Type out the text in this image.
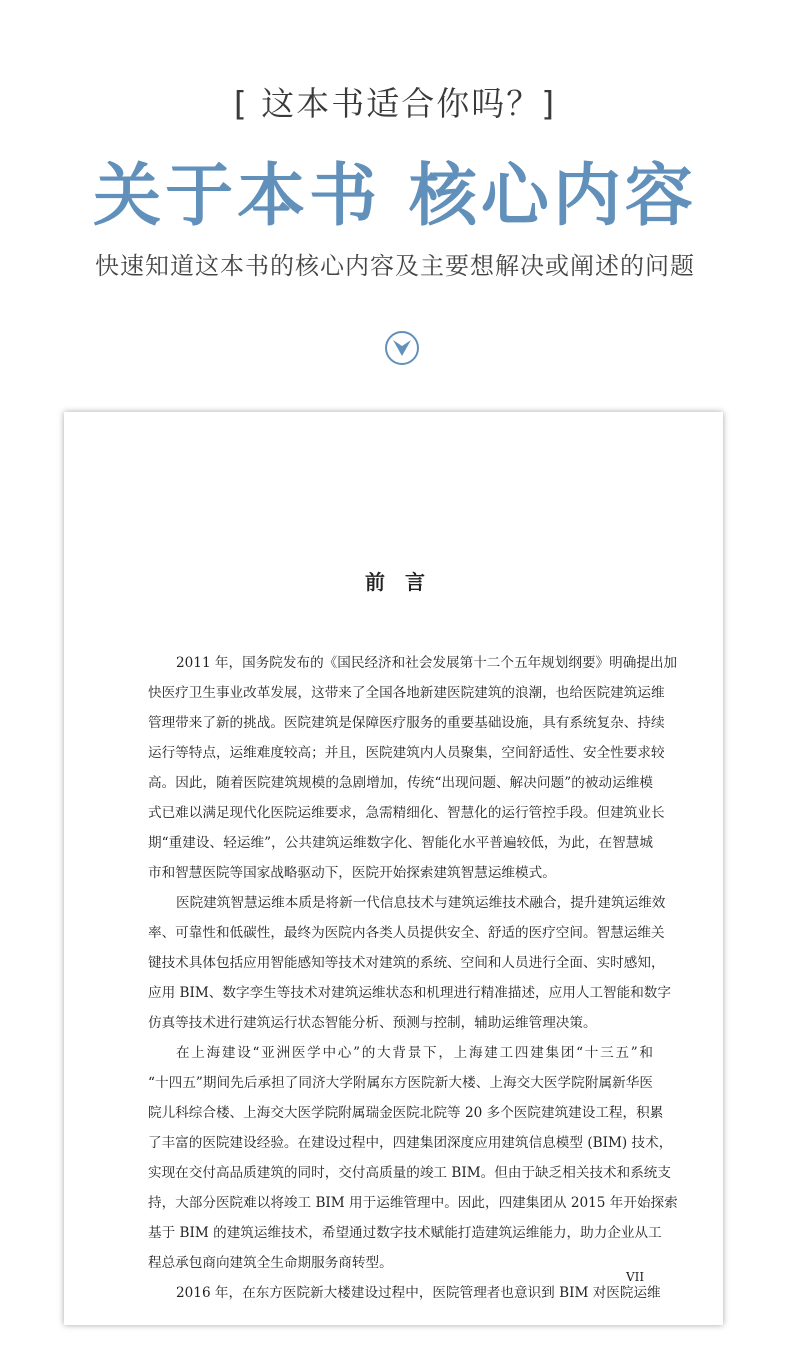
[ 这本书适合你吗？]
关于本书 核心内容
快速知道这本书的核心内容及主要想解决或阐述的问题
前　言
2011 年，国务院发布的《国民经济和社会发展第十二个五年规划纲要》明确提出加
快医疗卫生事业改革发展，这带来了全国各地新建医院建筑的浪潮，也给医院建筑运维
管理带来了新的挑战。医院建筑是保障医疗服务的重要基础设施，具有系统复杂、持续
运行等特点，运维难度较高；并且，医院建筑内人员聚集，空间舒适性、安全性要求较
高。因此，随着医院建筑规模的急剧增加，传统“出现问题、解决问题”的被动运维模
式已难以满足现代化医院运维要求，急需精细化、智慧化的运行管控手段。但建筑业长
期“重建设、轻运维”，公共建筑运维数字化、智能化水平普遍较低，为此，在智慧城
市和智慧医院等国家战略驱动下，医院开始探索建筑智慧运维模式。
医院建筑智慧运维本质是将新一代信息技术与建筑运维技术融合，提升建筑运维效
率、可靠性和低碳性，最终为医院内各类人员提供安全、舒适的医疗空间。智慧运维关
键技术具体包括应用智能感知等技术对建筑的系统、空间和人员进行全面、实时感知，
应用 BIM、数字孪生等技术对建筑运维状态和机理进行精准描述，应用人工智能和数字
仿真等技术进行建筑运行状态智能分析、预测与控制，辅助运维管理决策。
在上海建设“亚洲医学中心”的大背景下，上海建工四建集团“十三五”和
“十四五”期间先后承担了同济大学附属东方医院新大楼、上海交大医学院附属新华医
院儿科综合楼、上海交大医学院附属瑞金医院北院等 20 多个医院建筑建设工程，积累
了丰富的医院建设经验。在建设过程中，四建集团深度应用建筑信息模型 (BIM) 技术，
实现在交付高品质建筑的同时，交付高质量的竣工 BIM。但由于缺乏相关技术和系统支
持，大部分医院难以将竣工 BIM 用于运维管理中。因此，四建集团从 2015 年开始探索
基于 BIM 的建筑运维技术，希望通过数字技术赋能打造建筑运维能力，助力企业从工
程总承包商向建筑全生命期服务商转型。
2016 年，在东方医院新大楼建设过程中，医院管理者也意识到 BIM 对医院运维
VII
